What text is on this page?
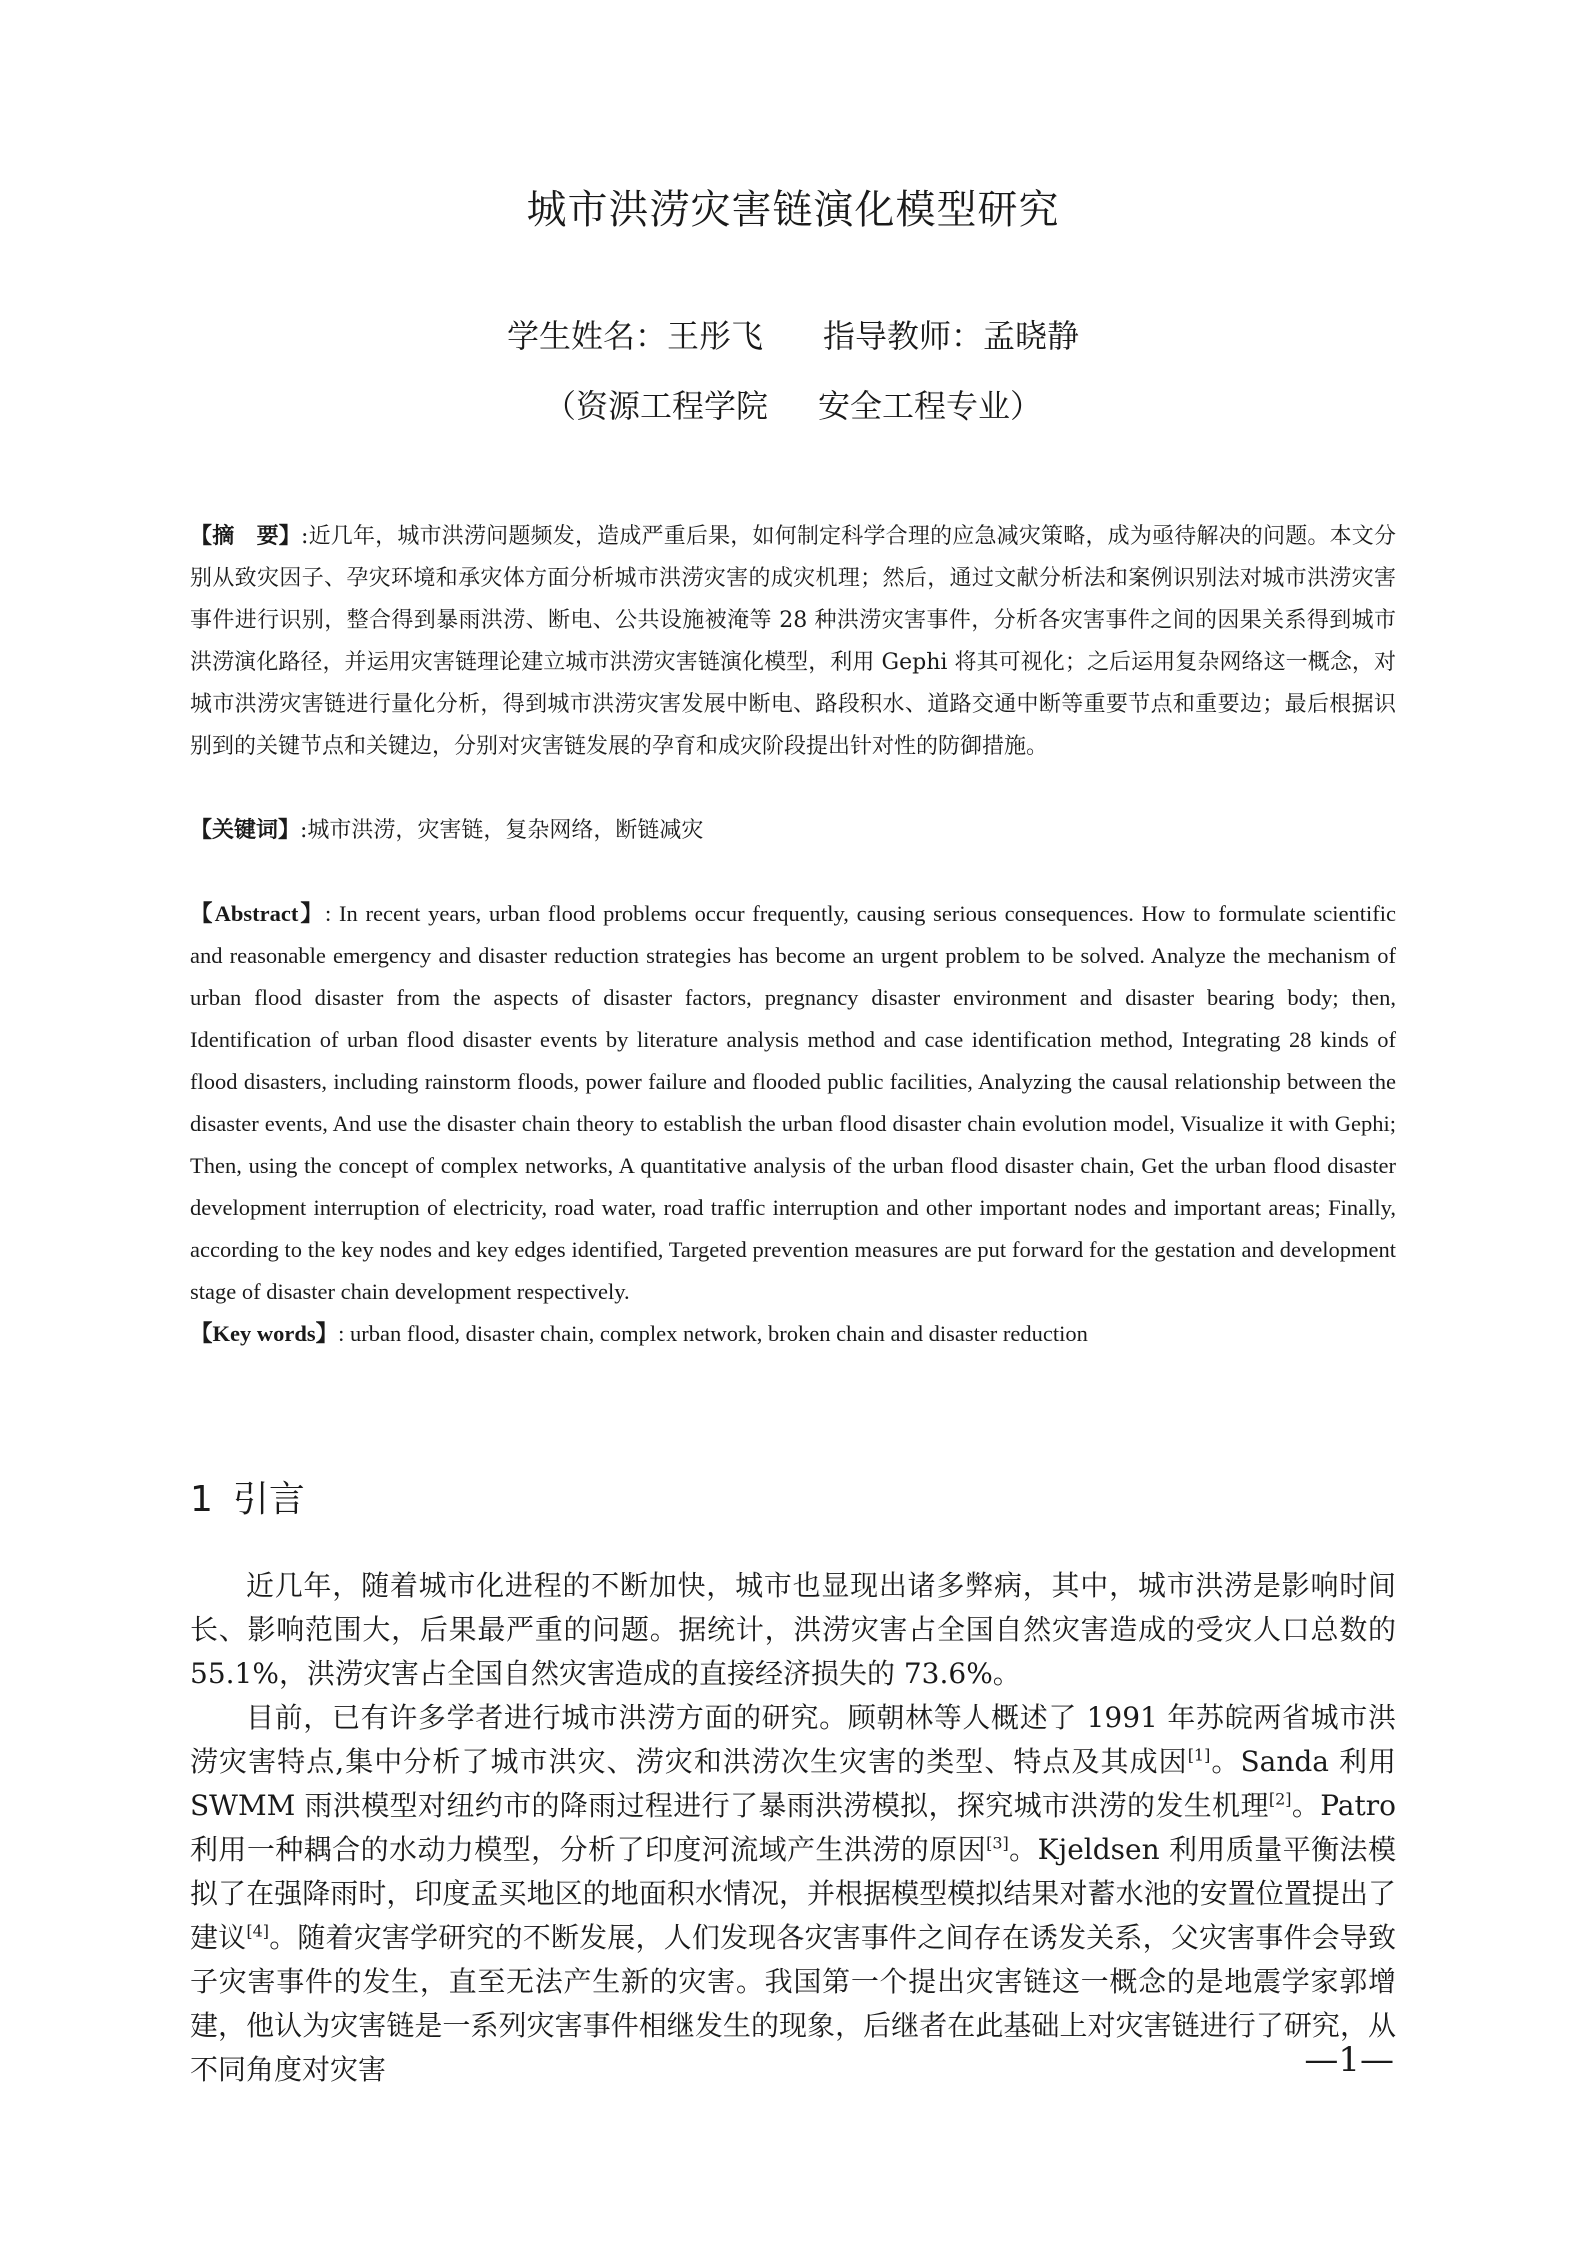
城市洪涝灾害链演化模型研究
学生姓名：王彤飞 指导教师：孟晓静
（资源工程学院 安全工程专业）

【摘　要】:近几年，城市洪涝问题频发，造成严重后果，如何制定科学合理的应急减灾策略，成为亟待解决的问题。本文分别从致灾因子、孕灾环境和承灾体方面分析城市洪涝灾害的成灾机理；然后，通过文献分析法和案例识别法对城市洪涝灾害事件进行识别，整合得到暴雨洪涝、断电、公共设施被淹等 28 种洪涝灾害事件，分析各灾害事件之间的因果关系得到城市洪涝演化路径，并运用灾害链理论建立城市洪涝灾害链演化模型，利用 Gephi 将其可视化；之后运用复杂网络这一概念，对城市洪涝灾害链进行量化分析，得到城市洪涝灾害发展中断电、路段积水、道路交通中断等重要节点和重要边；最后根据识别到的关键节点和关键边，分别对灾害链发展的孕育和成灾阶段提出针对性的防御措施。

【关键词】:城市洪涝，灾害链，复杂网络，断链减灾

【Abstract】: In recent years, urban flood problems occur frequently, causing serious consequences. How to formulate scientific and reasonable emergency and disaster reduction strategies has become an urgent problem to be solved. Analyze the mechanism of urban flood disaster from the aspects of disaster factors, pregnancy disaster environment and disaster bearing body; then, Identification of urban flood disaster events by literature analysis method and case identification method, Integrating 28 kinds of flood disasters, including rainstorm floods, power failure and flooded public facilities, Analyzing the causal relationship between the disaster events, And use the disaster chain theory to establish the urban flood disaster chain evolution model, Visualize it with Gephi; Then, using the concept of complex networks, A quantitative analysis of the urban flood disaster chain, Get the urban flood disaster development interruption of electricity, road water, road traffic interruption and other important nodes and important areas; Finally, according to the key nodes and key edges identified, Targeted prevention measures are put forward for the gestation and development stage of disaster chain development respectively.

【Key words】: urban flood, disaster chain, complex network, broken chain and disaster reduction

1 引言

近几年，随着城市化进程的不断加快，城市也显现出诸多弊病，其中，城市洪涝是影响时间长、影响范围大，后果最严重的问题。据统计，洪涝灾害占全国自然灾害造成的受灾人口总数的 55.1%，洪涝灾害占全国自然灾害造成的直接经济损失的 73.6%。

目前，已有许多学者进行城市洪涝方面的研究。顾朝林等人概述了 1991 年苏皖两省城市洪涝灾害特点,集中分析了城市洪灾、涝灾和洪涝次生灾害的类型、特点及其成因[1]。Sanda 利用 SWMM 雨洪模型对纽约市的降雨过程进行了暴雨洪涝模拟，探究城市洪涝的发生机理[2]。Patro 利用一种耦合的水动力模型，分析了印度河流域产生洪涝的原因[3]。Kjeldsen 利用质量平衡法模拟了在强降雨时，印度孟买地区的地面积水情况，并根据模型模拟结果对蓄水池的安置位置提出了建议[4]。随着灾害学研究的不断发展，人们发现各灾害事件之间存在诱发关系，父灾害事件会导致子灾害事件的发生，直至无法产生新的灾害。我国第一个提出灾害链这一概念的是地震学家郭增建，他认为灾害链是一系列灾害事件相继发生的现象，后继者在此基础上对灾害链进行了研究，从不同角度对灾害	—1—
